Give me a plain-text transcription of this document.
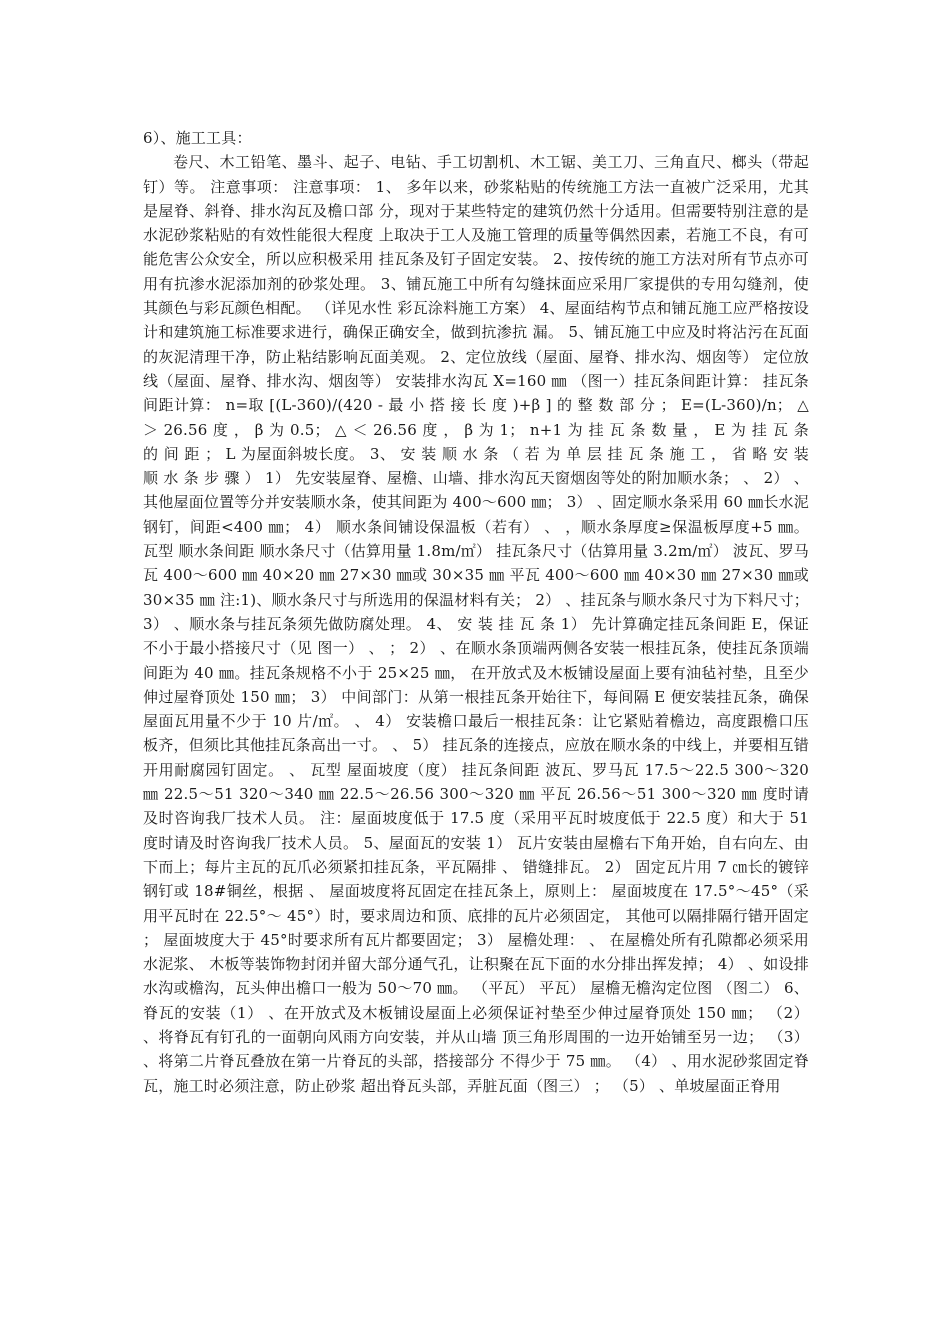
6）、施工工具：

卷尺、木工铅笔、墨斗、起子、电钻、手工切割机、木工锯、美工刀、三角直尺、榔头（带起钉）等。 注意事项： 注意事项： 1、 多年以来，砂浆粘贴的传统施工方法一直被广泛采用，尤其是屋脊、斜脊、排水沟瓦及檐口部 分，现对于某些特定的建筑仍然十分适用。但需要特别注意的是水泥砂浆粘贴的有效性能很大程度 上取决于工人及施工管理的质量等偶然因素，若施工不良，有可能危害公众安全，所以应积极采用 挂瓦条及钉子固定安装。 2、按传统的施工方法对所有节点亦可用有抗渗水泥添加剂的砂浆处理。 3、铺瓦施工中所有勾缝抹面应采用厂家提供的专用勾缝剂，使其颜色与彩瓦颜色相配。 （详见水性 彩瓦涂料施工方案） 4、屋面结构节点和铺瓦施工应严格按设计和建筑施工标准要求进行，确保正确安全，做到抗渗抗 漏。 5、铺瓦施工中应及时将沾污在瓦面的灰泥清理干净，防止粘结影响瓦面美观。 2、定位放线（屋面、屋脊、排水沟、烟囱等） 定位放线（屋面、屋脊、排水沟、烟囱等） 安装排水沟瓦 X=160 ㎜ （图一）挂瓦条间距计算： 挂瓦条间距计算： n=取 [(L-360)/(420 - 最 小 搭 接 长 度 )+β ] 的 整 数 部 分 ； E=(L-360)/n； △ ＞ 26.56 度 ， β 为 0.5； △ ＜ 26.56 度 ， β 为 1； n+1 为 挂 瓦 条 数 量 ， E 为 挂 瓦 条 的 间 距 ； L 为屋面斜坡长度。 3、 安 装 顺 水 条 （ 若 为 单 层 挂 瓦 条 施 工 ， 省 略 安 装 顺 水 条 步 骤 ） 1） 先安装屋脊、屋檐、山墙、排水沟瓦天窗烟囱等处的附加顺水条； 、 2） 、其他屋面位置等分并安装顺水条，使其间距为 400～600 ㎜； 3） 、固定顺水条采用 60 ㎜长水泥钢钉，间距<400 ㎜； 4） 顺水条间铺设保温板（若有） 、 ，顺水条厚度≥保温板厚度+5 ㎜。 瓦型 顺水条间距 顺水条尺寸（估算用量 1.8m/㎡） 挂瓦条尺寸（估算用量 3.2m/㎡） 波瓦、罗马瓦 400～600 ㎜ 40×20 ㎜ 27×30 ㎜或 30×35 ㎜ 平瓦 400～600 ㎜ 40×30 ㎜ 27×30 ㎜或 30×35 ㎜ 注:1)、顺水条尺寸与所选用的保温材料有关； 2） 、挂瓦条与顺水条尺寸为下料尺寸； 3） 、顺水条与挂瓦条须先做防腐处理。 4、 安 装 挂 瓦 条 1） 先计算确定挂瓦条间距 E，保证不小于最小搭接尺寸（见 图一） 、 ； 2） 、在顺水条顶端两侧各安装一根挂瓦条，使挂瓦条顶端间距为 40 ㎜。挂瓦条规格不小于 25×25 ㎜， 在开放式及木板铺设屋面上要有油毡衬垫，且至少伸过屋脊顶处 150 ㎜； 3） 中间部门：从第一根挂瓦条开始往下，每间隔 E 便安装挂瓦条，确保屋面瓦用量不少于 10 片/㎡。 、 4） 安装檐口最后一根挂瓦条：让它紧贴着檐边，高度跟檐口压板齐，但须比其他挂瓦条高出一寸。 、 5） 挂瓦条的连接点，应放在顺水条的中线上，并要相互错开用耐腐园钉固定。 、 瓦型 屋面坡度（度） 挂瓦条间距 波瓦、罗马瓦 17.5～22.5 300～320 ㎜ 22.5～51 320～340 ㎜ 22.5～26.56 300～320 ㎜ 平瓦 26.56～51 300～320 ㎜ 度时请及时咨询我厂技术人员。 注：屋面坡度低于 17.5 度（采用平瓦时坡度低于 22.5 度）和大于 51 度时请及时咨询我厂技术人员。 5、屋面瓦的安装 1） 瓦片安装由屋檐右下角开始，自右向左、由下而上；每片主瓦的瓦爪必须紧扣挂瓦条，平瓦隔排 、 错缝排瓦。 2） 固定瓦片用 7 ㎝长的镀锌钢钉或 18#铜丝，根据 、 屋面坡度将瓦固定在挂瓦条上，原则上： 屋面坡度在 17.5°～45°（采用平瓦时在 22.5°～ 45°）时，要求周边和顶、底排的瓦片必须固定， 其他可以隔排隔行错开固定； 屋面坡度大于 45°时要求所有瓦片都要固定； 3） 屋檐处理： 、 在屋檐处所有孔隙都必须采用水泥浆、 木板等装饰物封闭并留大部分通气孔，让积聚在瓦下面的水分排出挥发掉； 4） 、如设排水沟或檐沟，瓦头伸出檐口一般为 50～70 ㎜。 （平瓦） 平瓦） 屋檐无檐沟定位图 （图二） 6、脊瓦的安装（1） 、在开放式及木板铺设屋面上必须保证衬垫至少伸过屋脊顶处 150 ㎜； （2） 、将脊瓦有钉孔的一面朝向风雨方向安装，并从山墙 顶三角形周围的一边开始铺至另一边； （3） 、将第二片脊瓦叠放在第一片脊瓦的头部，搭接部分 不得少于 75 ㎜。 （4） 、用水泥砂浆固定脊瓦，施工时必须注意，防止砂浆 超出脊瓦头部，弄脏瓦面（图三） ； （5） 、单坡屋面正脊用
